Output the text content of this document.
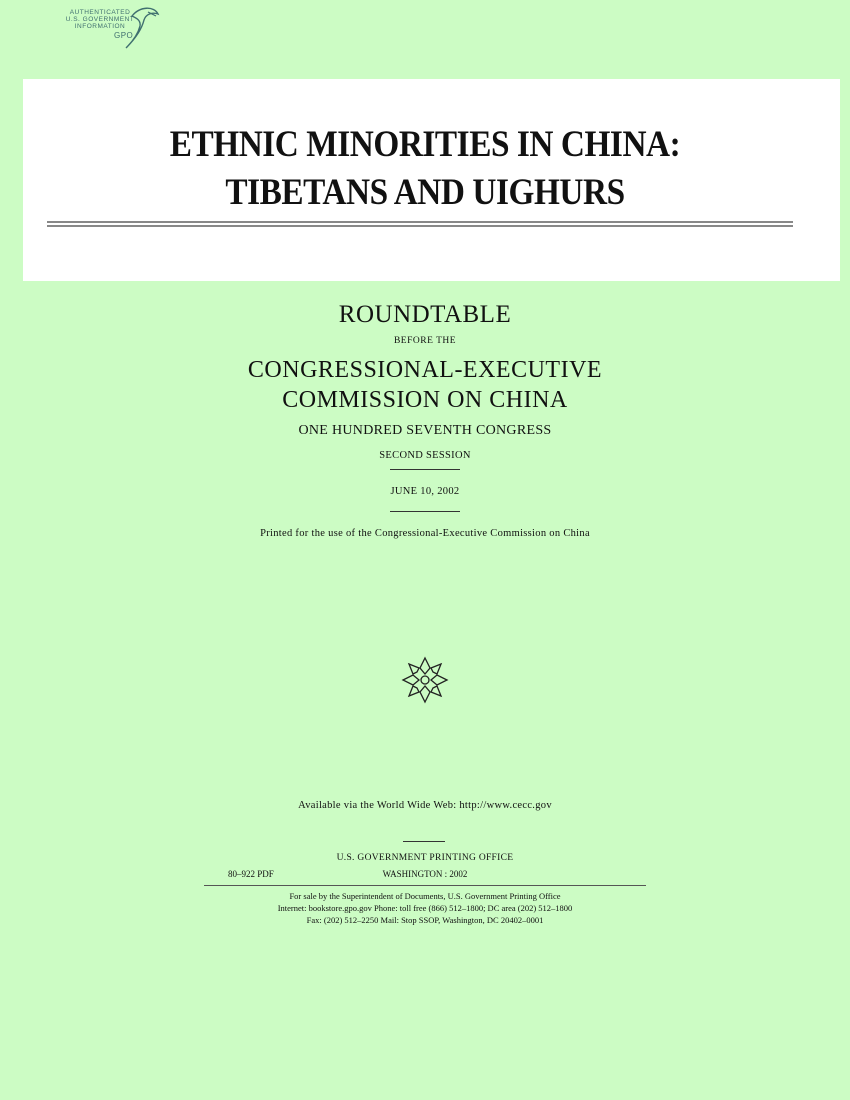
AUTHENTICATED
U.S. GOVERNMENT
INFORMATION
GPO
ETHNIC MINORITIES IN CHINA:
TIBETANS AND UIGHURS
ROUNDTABLE
BEFORE THE
CONGRESSIONAL-EXECUTIVE
COMMISSION ON CHINA
ONE HUNDRED SEVENTH CONGRESS
SECOND SESSION
JUNE 10, 2002
Printed for the use of the Congressional-Executive Commission on China
Available via the World Wide Web: http://www.cecc.gov
U.S. GOVERNMENT PRINTING OFFICE
80–922 PDF	WASHINGTON : 2002
For sale by the Superintendent of Documents, U.S. Government Printing Office
Internet: bookstore.gpo.gov Phone: toll free (866) 512–1800; DC area (202) 512–1800
Fax: (202) 512–2250 Mail: Stop SSOP, Washington, DC 20402–0001
